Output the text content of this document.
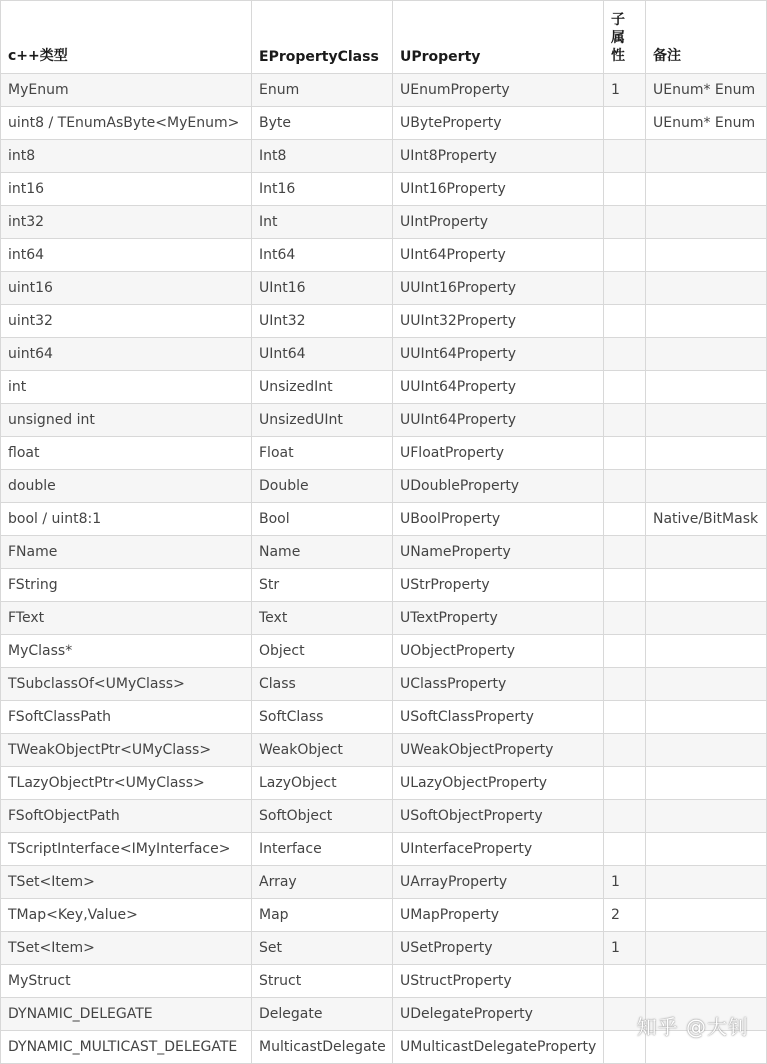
c++类型	EPropertyClass	UProperty	子属性	备注
MyEnum	Enum	UEnumProperty	1	UEnum* Enum
uint8 / TEnumAsByte<MyEnum>	Byte	UByteProperty		UEnum* Enum
int8	Int8	UInt8Property		
int16	Int16	UInt16Property		
int32	Int	UIntProperty		
int64	Int64	UInt64Property		
uint16	UInt16	UUInt16Property		
uint32	UInt32	UUInt32Property		
uint64	UInt64	UUInt64Property		
int	UnsizedInt	UUInt64Property		
unsigned int	UnsizedUInt	UUInt64Property		
float	Float	UFloatProperty		
double	Double	UDoubleProperty		
bool / uint8:1	Bool	UBoolProperty		Native/BitMask
FName	Name	UNameProperty		
FString	Str	UStrProperty		
FText	Text	UTextProperty		
MyClass*	Object	UObjectProperty		
TSubclassOf<UMyClass>	Class	UClassProperty		
FSoftClassPath	SoftClass	USoftClassProperty		
TWeakObjectPtr<UMyClass>	WeakObject	UWeakObjectProperty		
TLazyObjectPtr<UMyClass>	LazyObject	ULazyObjectProperty		
FSoftObjectPath	SoftObject	USoftObjectProperty		
TScriptInterface<IMyInterface>	Interface	UInterfaceProperty		
TSet<Item>	Array	UArrayProperty	1	
TMap<Key,Value>	Map	UMapProperty	2	
TSet<Item>	Set	USetProperty	1	
MyStruct	Struct	UStructProperty		
DYNAMIC_DELEGATE	Delegate	UDelegateProperty		
DYNAMIC_MULTICAST_DELEGATE	MulticastDelegate	UMulticastDelegateProperty		
知乎 @大钊
